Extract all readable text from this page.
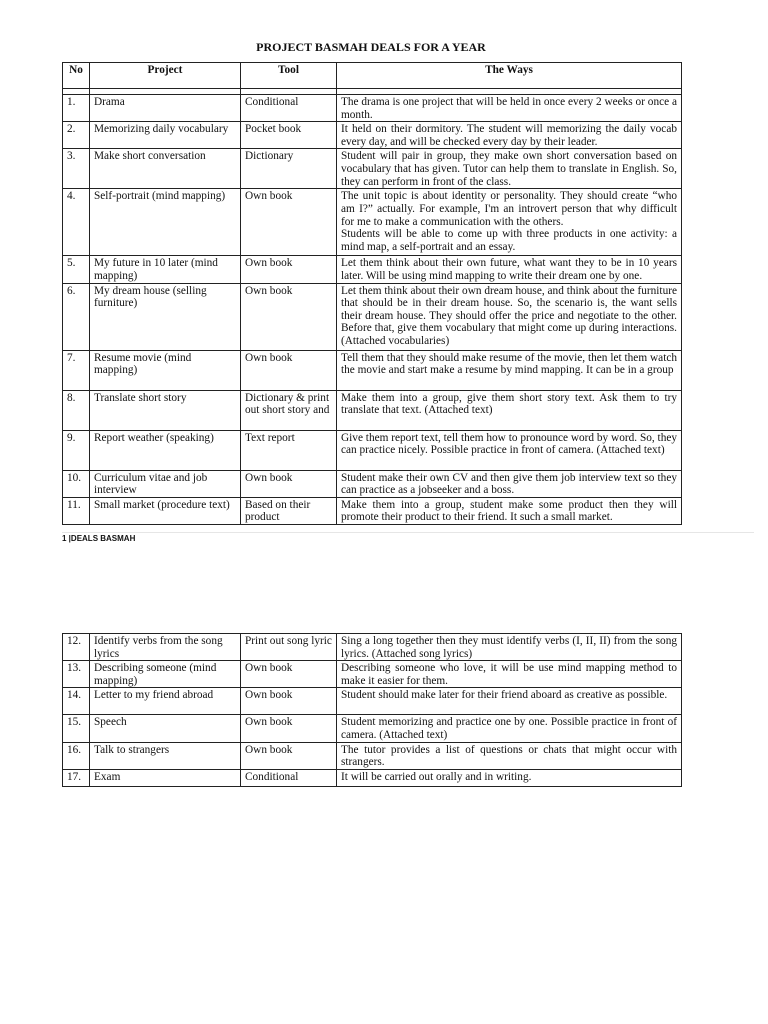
PROJECT BASMAH DEALS FOR A YEAR
No	Project	Tool	The Ways

1.	Drama	Conditional	The drama is one project that will be held in once every 2 weeks or once a month.

2.	Memorizing daily vocabulary	Pocket book	It held on their dormitory. The student will memorizing the daily vocab every day, and will be checked every day by their leader.

3.	Make short conversation	Dictionary	Student will pair in group, they make own short conversation based on vocabulary that has given. Tutor can help them to translate in English. So, they can perform in front of the class.

4.	Self-portrait (mind mapping)	Own book	The unit topic is about identity or personality. They should create “who am I?” actually. For example, I'm an introvert person that why difficult for me to make a communication with the others.
Students will be able to come up with three products in one activity: a mind map, a self-portrait and an essay.

5.	My future in 10 later (mind mapping)	Own book	Let them think about their own future, what want they to be in 10 years later. Will be using mind mapping to write their dream one by one.

6.	My dream house (selling furniture)	Own book	Let them think about their own dream house, and think about the furniture that should be in their dream house. So, the scenario is, the want sells their dream house. They should offer the price and negotiate to the other. Before that, give them vocabulary that might come up during interactions. (Attached vocabularies)

7.	Resume movie (mind mapping)	Own book	Tell them that they should make resume of the movie, then let them watch the movie and start make a resume by mind mapping. It can be in a group

8.	Translate short story	Dictionary & print out short story and	Make them into a group, give them short story text. Ask them to try translate that text. (Attached text)

9.	Report weather (speaking)	Text report	Give them report text, tell them how to pronounce word by word. So, they can practice nicely. Possible practice in front of camera. (Attached text)

10.	Curriculum vitae and job interview	Own book	Student make their own CV and then give them job interview text so they can practice as a jobseeker and a boss.

11.	Small market (procedure text)	Based on their product	Make them into a group, student make some product then they will promote their product to their friend. It such a small market.
1 |DEALS BASMAH
12.	Identify verbs from the song lyrics	Print out song lyric	Sing a long together then they must identify verbs (I, II, II) from the song lyrics. (Attached song lyrics)

13.	Describing someone (mind mapping)	Own book	Describing someone who love, it will be use mind mapping method to make it easier for them.

14.	Letter to my friend abroad	Own book	Student should make later for their friend aboard as creative as possible.

15.	Speech	Own book	Student memorizing and practice one by one. Possible practice in front of camera. (Attached text)

16.	Talk to strangers	Own book	The tutor provides a list of questions or chats that might occur with strangers.

17.	Exam	Conditional	It will be carried out orally and in writing.
